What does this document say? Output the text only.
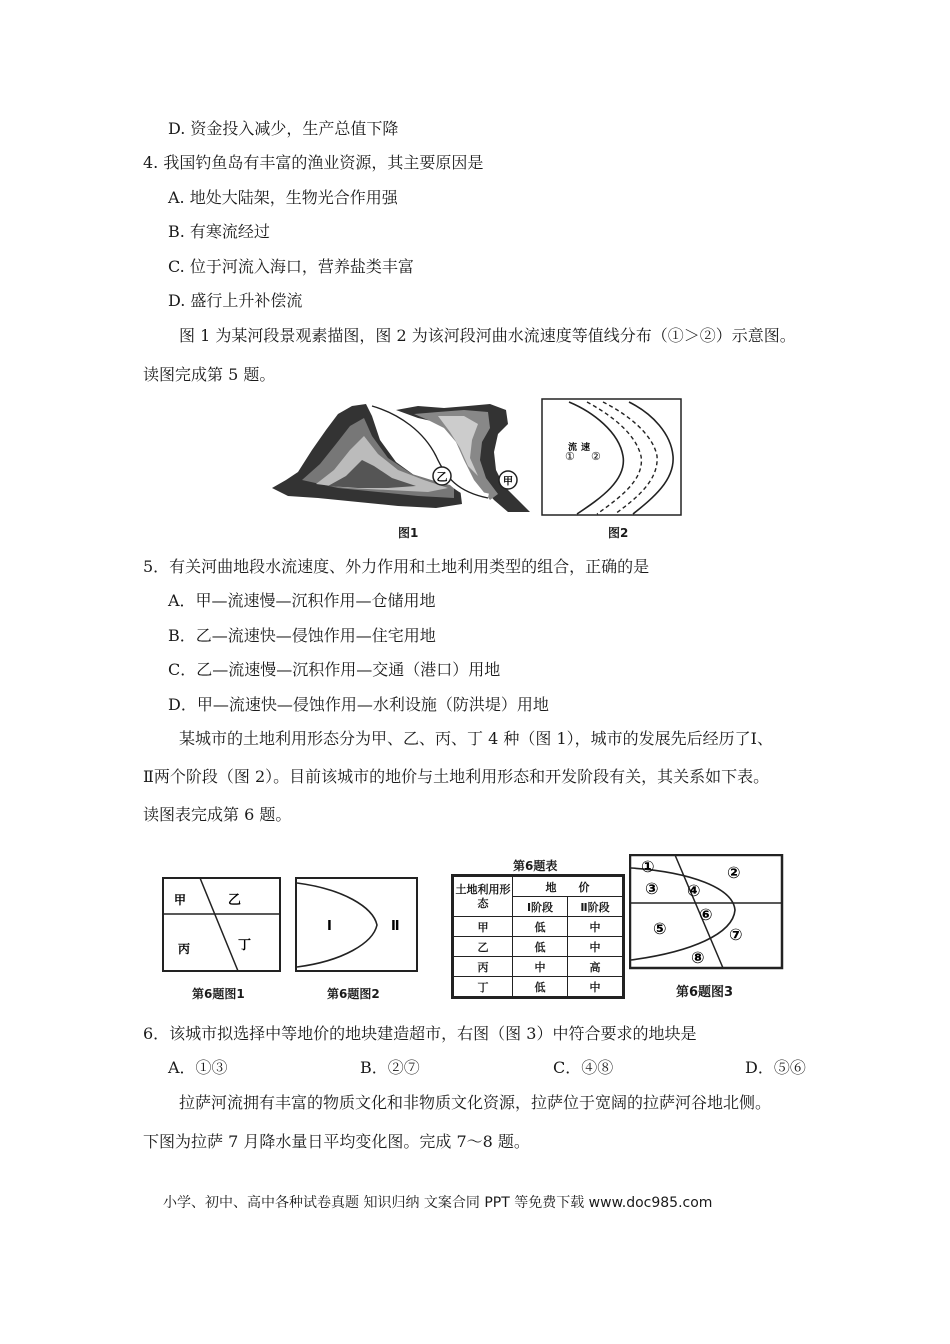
D. 资金投入减少，生产总值下降
4. 我国钓鱼岛有丰富的渔业资源，其主要原因是
A. 地处大陆架，生物光合作用强
B. 有寒流经过
C. 位于河流入海口，营养盐类丰富
D. 盛行上升补偿流
图 1 为某河段景观素描图，图 2 为该河段河曲水流速度等值线分布（①＞②）示意图。
读图完成第 5 题。
乙	甲
图1
流 速
① ②
图2
5．有关河曲地段水流速度、外力作用和土地利用类型的组合，正确的是
A．甲—流速慢—沉积作用—仓储用地
B．乙—流速快—侵蚀作用—住宅用地
C．乙—流速慢—沉积作用—交通（港口）用地
D．甲—流速快—侵蚀作用—水利设施（防洪堤）用地
某城市的土地利用形态分为甲、乙、丙、丁 4 种（图 1），城市的发展先后经历了Ⅰ、
Ⅱ两个阶段（图 2）。目前该城市的地价与土地利用形态和开发阶段有关，其关系如下表。
读图表完成第 6 题。
甲	乙
丙	丁
第6题图1
Ⅰ	Ⅱ
第6题图2
第6题表
土地利用形态	地　　价	
	Ⅰ阶段	Ⅱ阶段
甲	低	中
乙	低	中
丙	中	高
丁	低	中
①	②
③ ④
⑤
⑥
⑦
⑧
第6题图3
6．该城市拟选择中等地价的地块建造超市，右图（图 3）中符合要求的地块是
A．①③	B．②⑦	C．④⑧	D．⑤⑥
拉萨河流拥有丰富的物质文化和非物质文化资源，拉萨位于宽阔的拉萨河谷地北侧。
下图为拉萨 7 月降水量日平均变化图。完成 7～8 题。
小学、初中、高中各种试卷真题 知识归纳 文案合同 PPT 等免费下载 www.doc985.com
